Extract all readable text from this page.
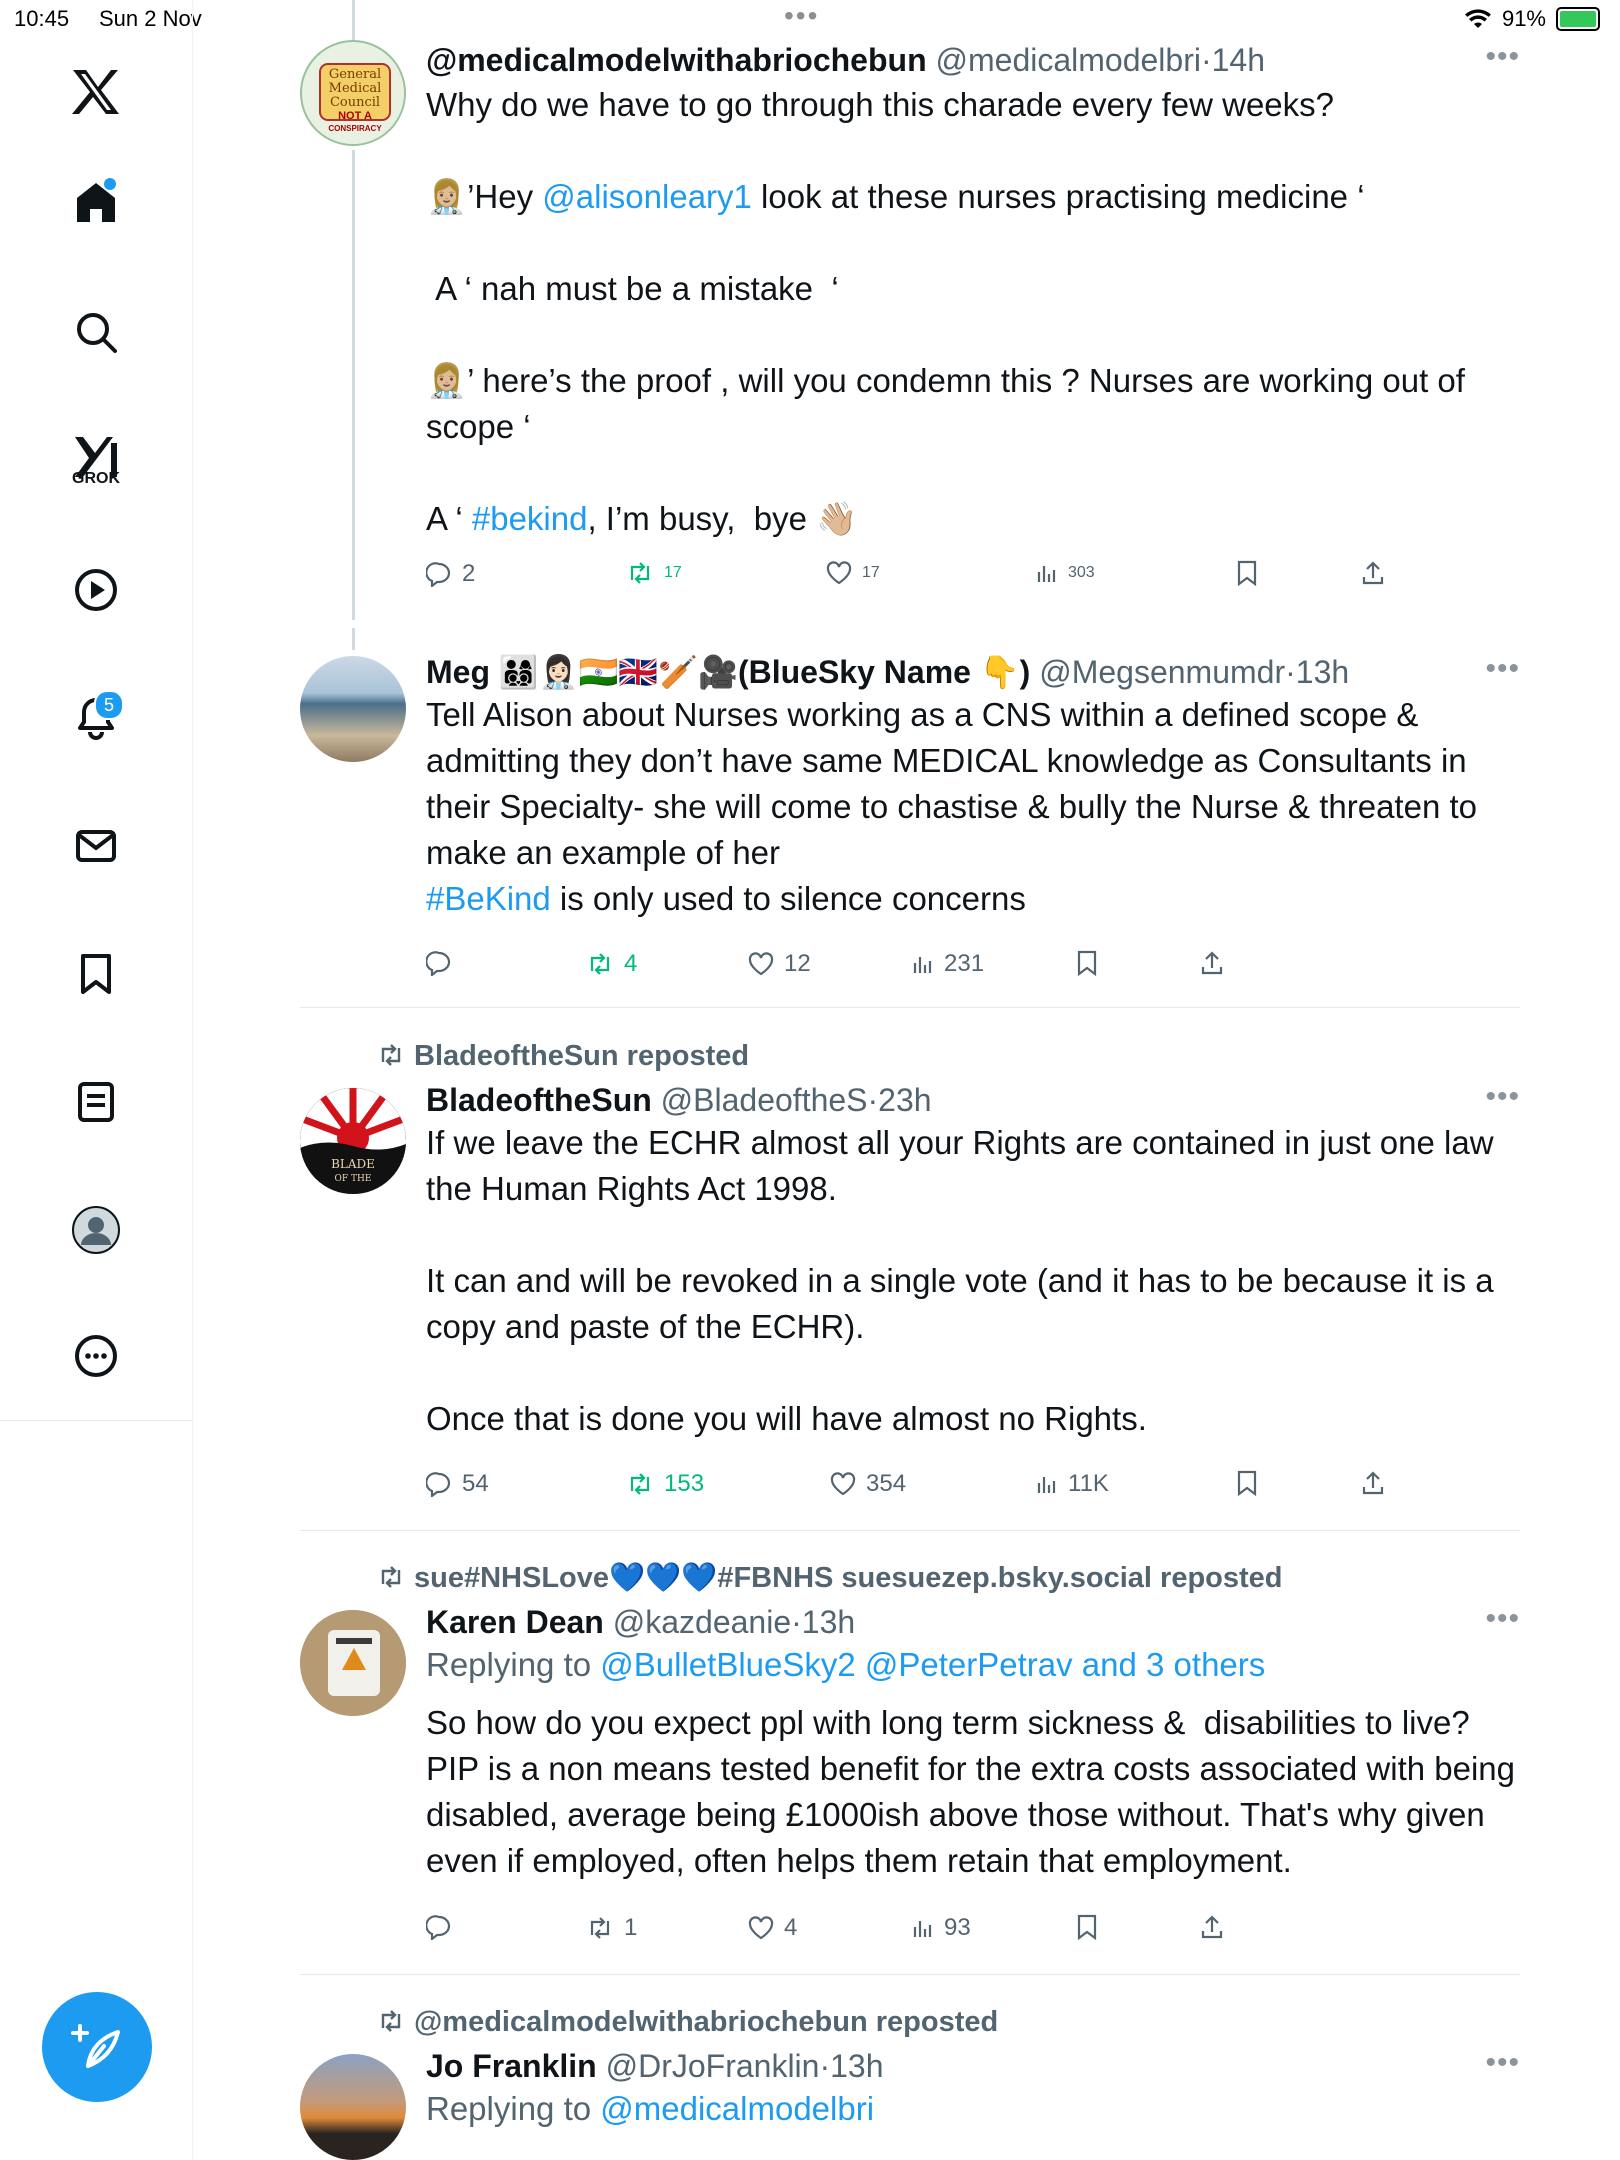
10:45 Sun 2 Nov	•••	91%
GROK
5
General
Medical
Council
NOT A
CONSPIRACY
@medicalmodelwithabriochebun @medicalmodelbri·14h	•••
Why do we have to go through this charade every few weeks?

👩🏼‍⚕️’Hey @alisonleary1 look at these nurses practising medicine ‘

A ‘ nah must be a mistake  ‘

👩🏼‍⚕️’ here’s the proof , will you condemn this ? Nurses are working out of scope ‘

A ‘ #bekind, I’m busy,  bye 👋🏼
2	17	17	303
Meg 👨‍👩‍👦‍👦👩🏻‍⚕️🇮🇳🇬🇧🏏🎥(BlueSky Name 👇) @Megsenmumdr·13h	•••
Tell Alison about Nurses working as a CNS within a defined scope & admitting they don’t have same MEDICAL knowledge as Consultants in their Specialty- she will come to chastise & bully the Nurse & threaten to make an example of her
#BeKind is only used to silence concerns
4	12	231
BladeoftheSun reposted
BLADE
OF THE
BladeoftheSun @BladeoftheS·23h	•••
If we leave the ECHR almost all your Rights are contained in just one law the Human Rights Act 1998.

It can and will be revoked in a single vote (and it has to be because it is a copy and paste of the ECHR).

Once that is done you will have almost no Rights.
54	153	354	11K
sue#NHSLove💙💙💙#FBNHS suesuezep.bsky.social reposted
Karen Dean @kazdeanie·13h	•••
Replying to @BulletBlueSky2 @PeterPetrav and 3 others
So how do you expect ppl with long term sickness &  disabilities to live? PIP is a non means tested benefit for the extra costs associated with being disabled, average being £1000ish above those without. That's why given even if employed, often helps them retain that employment.
1	4	93
@medicalmodelwithabriochebun reposted
Jo Franklin @DrJoFranklin·13h	•••
Replying to @medicalmodelbri
